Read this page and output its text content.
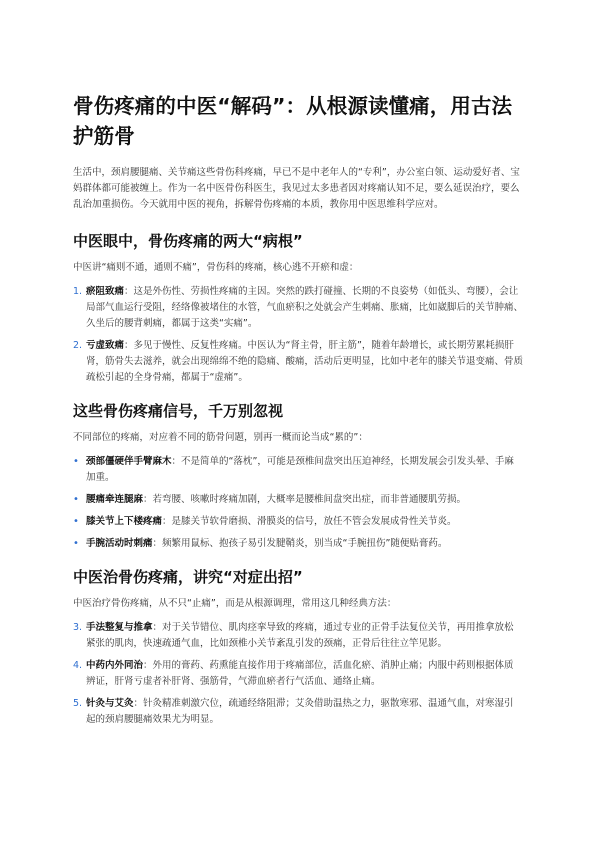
骨伤疼痛的中医“解码”：从根源读懂痛，用古法护筋骨

生活中，颈肩腰腿痛、关节痛这些骨伤科疼痛，早已不是中老年人的“专利”，办公室白领、运动爱好者、宝妈群体都可能被缠上。作为一名中医骨伤科医生，我见过太多患者因对疼痛认知不足，要么延误治疗，要么乱治加重损伤。今天就用中医的视角，拆解骨伤疼痛的本质，教你用中医思维科学应对。

中医眼中，骨伤疼痛的两大“病根”

中医讲“痛则不通，通则不痛”，骨伤科的疼痛，核心逃不开瘀和虚：

1. 瘀阻致痛：这是外伤性、劳损性疼痛的主因。突然的跌打碰撞、长期的不良姿势（如低头、弯腰），会让局部气血运行受阻，经络像被堵住的水管，气血瘀积之处就会产生刺痛、胀痛，比如崴脚后的关节肿痛、久坐后的腰背刺痛，都属于这类“实痛”。
2. 亏虚致痛：多见于慢性、反复性疼痛。中医认为“肾主骨，肝主筋”，随着年龄增长，或长期劳累耗损肝肾，筋骨失去滋养，就会出现绵绵不绝的隐痛、酸痛，活动后更明显，比如中老年的膝关节退变痛、骨质疏松引起的全身骨痛，都属于“虚痛”。
这些骨伤疼痛信号，千万别忽视

不同部位的疼痛，对应着不同的筋骨问题，别再一概而论当成“累的”：

• 颈部僵硬伴手臂麻木：不是简单的“落枕”，可能是颈椎间盘突出压迫神经，长期发展会引发头晕、手麻加重。
• 腰痛牵连腿麻：若弯腰、咳嗽时疼痛加剧，大概率是腰椎间盘突出症，而非普通腰肌劳损。
• 膝关节上下楼疼痛：是膝关节软骨磨损、滑膜炎的信号，放任不管会发展成骨性关节炎。
• 手腕活动时刺痛：频繁用鼠标、抱孩子易引发腱鞘炎，别当成“手腕扭伤”随便贴膏药。
中医治骨伤疼痛，讲究“对症出招”

中医治疗骨伤疼痛，从不只“止痛”，而是从根源调理，常用这几种经典方法：

3. 手法整复与推拿：对于关节错位、肌肉痉挛导致的疼痛，通过专业的正骨手法复位关节，再用推拿放松紧张的肌肉，快速疏通气血，比如颈椎小关节紊乱引发的颈痛，正骨后往往立竿见影。
4. 中药内外同治：外用的膏药、药熏能直接作用于疼痛部位，活血化瘀、消肿止痛；内服中药则根据体质辨证，肝肾亏虚者补肝肾、强筋骨，气滞血瘀者行气活血、通络止痛。
5. 针灸与艾灸：针灸精准刺激穴位，疏通经络阻滞；艾灸借助温热之力，驱散寒邪、温通气血，对寒湿引起的颈肩腰腿痛效果尤为明显。
